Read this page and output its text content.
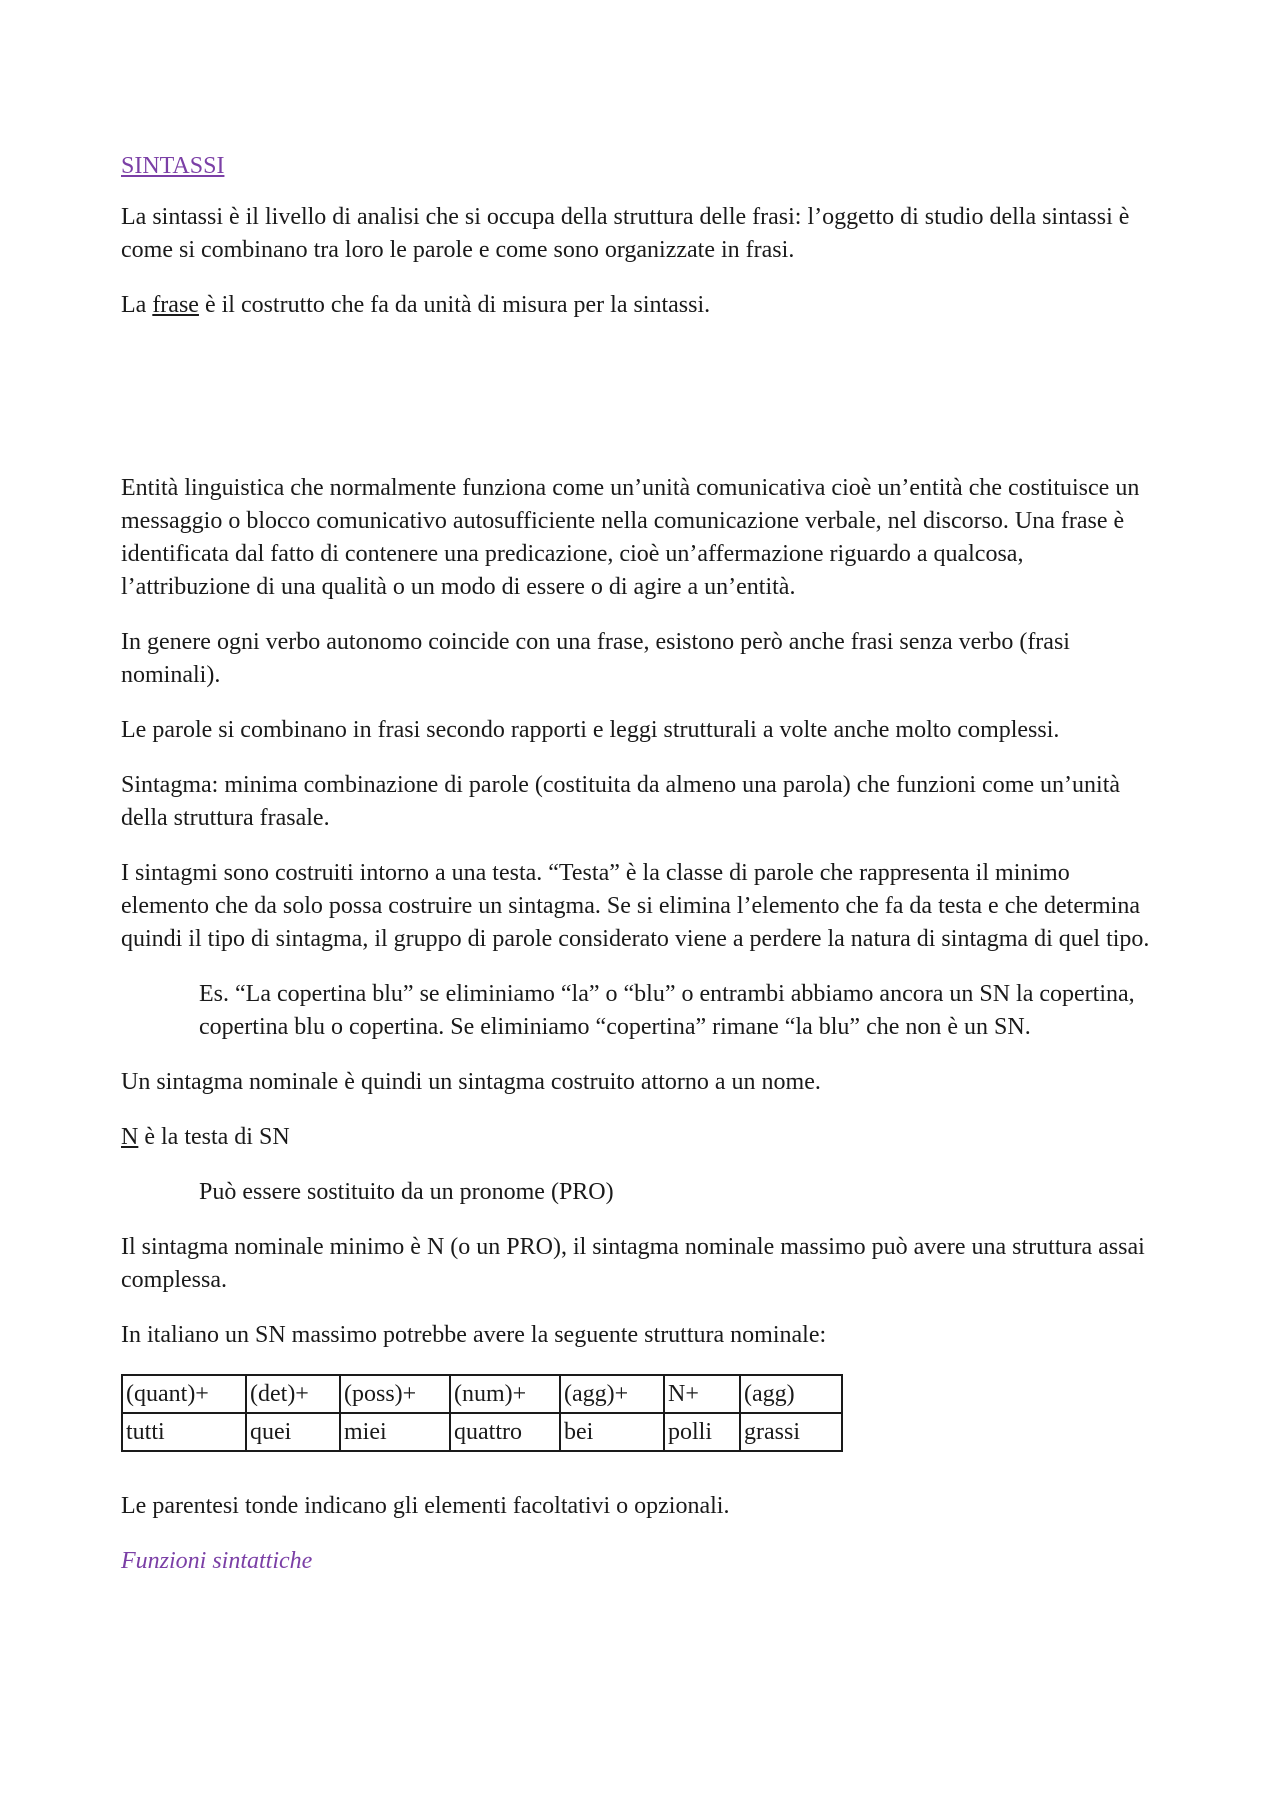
SINTASSI

La sintassi è il livello di analisi che si occupa della struttura delle frasi: l’oggetto di studio della sintassi è come si combinano tra loro le parole e come sono organizzate in frasi.

La frase è il costrutto che fa da unità di misura per la sintassi.

Entità linguistica che normalmente funziona come un’unità comunicativa cioè un’entità che costituisce un messaggio o blocco comunicativo autosufficiente nella comunicazione verbale, nel discorso. Una frase è identificata dal fatto di contenere una predicazione, cioè un’affermazione riguardo a qualcosa, l’attribuzione di una qualità o un modo di essere o di agire a un’entità.

In genere ogni verbo autonomo coincide con una frase, esistono però anche frasi senza verbo (frasi nominali).

Le parole si combinano in frasi secondo rapporti e leggi strutturali a volte anche molto complessi.

Sintagma: minima combinazione di parole (costituita da almeno una parola) che funzioni come un’unità della struttura frasale.

I sintagmi sono costruiti intorno a una testa. “Testa” è la classe di parole che rappresenta il minimo elemento che da solo possa costruire un sintagma. Se si elimina l’elemento che fa da testa e che determina quindi il tipo di sintagma, il gruppo di parole considerato viene a perdere la natura di sintagma di quel tipo.

Es. “La copertina blu” se eliminiamo “la” o “blu” o entrambi abbiamo ancora un SN la copertina, copertina blu o copertina. Se eliminiamo “copertina” rimane “la blu” che non è un SN.

Un sintagma nominale è quindi un sintagma costruito attorno a un nome.

N è la testa di SN

Può essere sostituito da un pronome (PRO)

Il sintagma nominale minimo è N (o un PRO), il sintagma nominale massimo può avere una struttura assai complessa.

In italiano un SN massimo potrebbe avere la seguente struttura nominale:

(quant)+	(det)+	(poss)+	(num)+	(agg)+	N+	(agg)
tutti	quei	miei	quattro	bei	polli	grassi

Le parentesi tonde indicano gli elementi facoltativi o opzionali.

Funzioni sintattiche
